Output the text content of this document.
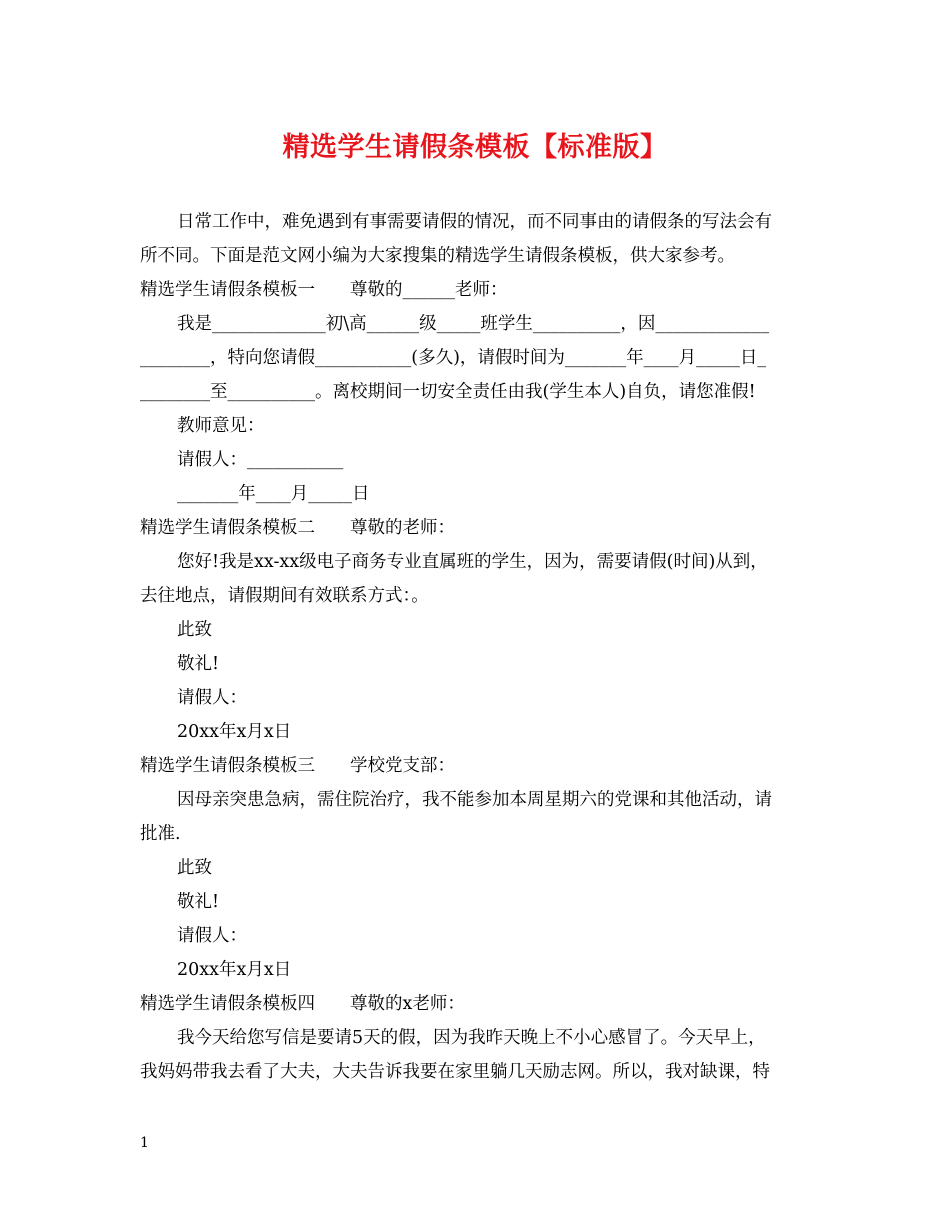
精选学生请假条模板【标准版】
日常工作中，难免遇到有事需要请假的情况，而不同事由的请假条的写法会有
所不同。下面是范文网小编为大家搜集的精选学生请假条模板，供大家参考。
精选学生请假条模板一　　尊敬的______老师：
我是_____________初\高______级_____班学生__________，因_____________
________，特向您请假___________(多久)，请假时间为_______年____月_____日_
________至__________。离校期间一切安全责任由我(学生本人)自负，请您准假!
教师意见：
请假人：___________
_______年____月_____日
精选学生请假条模板二　　尊敬的老师：
您好!我是xx-xx级电子商务专业直属班的学生，因为，需要请假(时间)从到，
去往地点，请假期间有效联系方式：。
此致
敬礼!
请假人：
20xx年x月x日
精选学生请假条模板三　　学校党支部：
因母亲突患急病，需住院治疗，我不能参加本周星期六的党课和其他活动，请
批准.
此致
敬礼!
请假人：
20xx年x月x日
精选学生请假条模板四　　尊敬的x老师：
我今天给您写信是要请5天的假，因为我昨天晚上不小心感冒了。今天早上，
我妈妈带我去看了大夫，大夫告诉我要在家里躺几天励志网。所以，我对缺课，特
1
